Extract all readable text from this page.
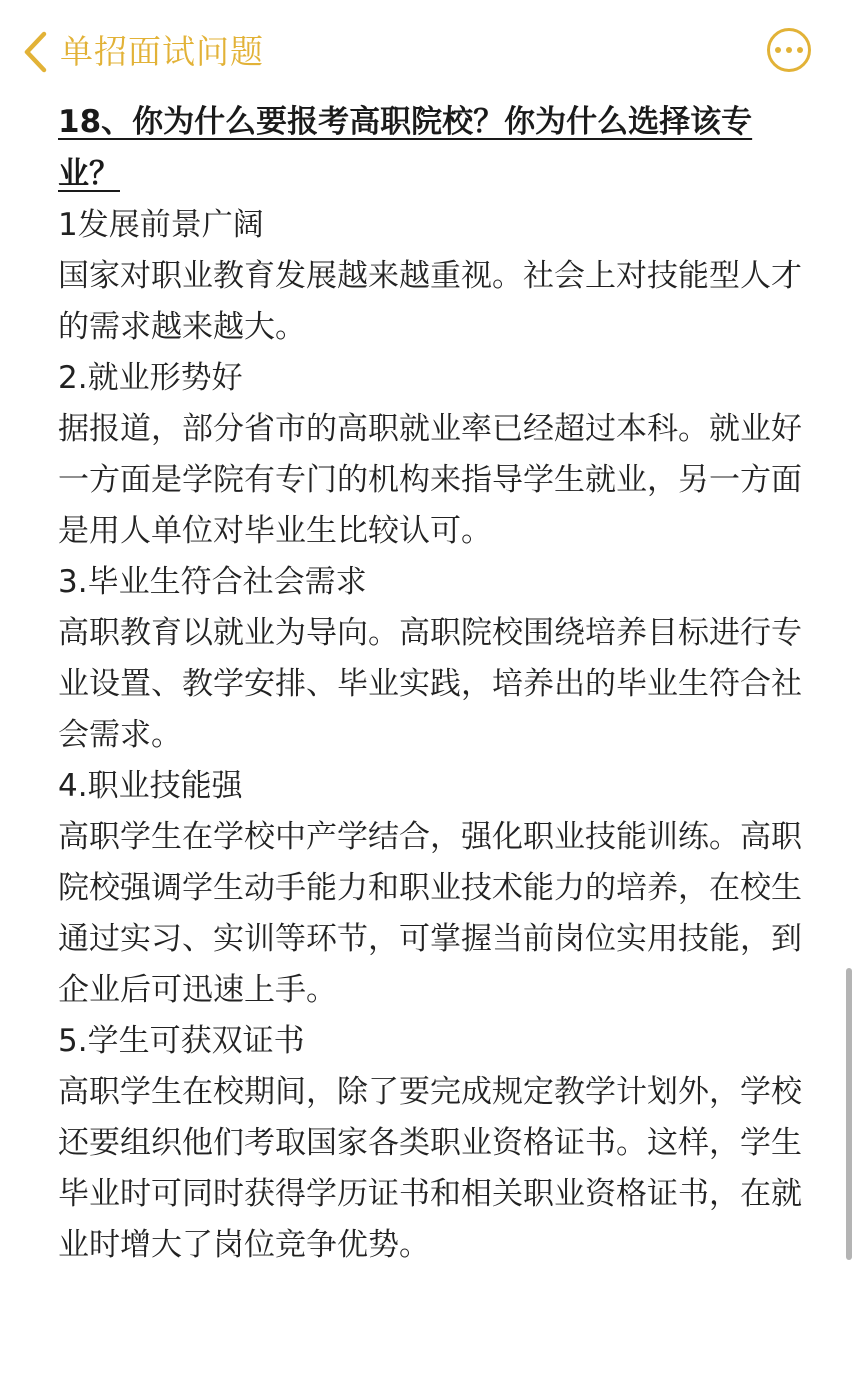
单招面试问题

18、你为什么要报考高职院校？你为什么选择该专业？

1发展前景广阔

国家对职业教育发展越来越重视。社会上对技能型人才的需求越来越大。

2.就业形势好

据报道，部分省市的高职就业率已经超过本科。就业好一方面是学院有专门的机构来指导学生就业，另一方面是用人单位对毕业生比较认可。

3.毕业生符合社会需求

高职教育以就业为导向。高职院校围绕培养目标进行专业设置、教学安排、毕业实践，培养出的毕业生符合社会需求。

4.职业技能强

高职学生在学校中产学结合，强化职业技能训练。高职院校强调学生动手能力和职业技术能力的培养，在校生通过实习、实训等环节，可掌握当前岗位实用技能，到企业后可迅速上手。

5.学生可获双证书

高职学生在校期间，除了要完成规定教学计划外，学校还要组织他们考取国家各类职业资格证书。这样，学生毕业时可同时获得学历证书和相关职业资格证书，在就业时增大了岗位竞争优势。
